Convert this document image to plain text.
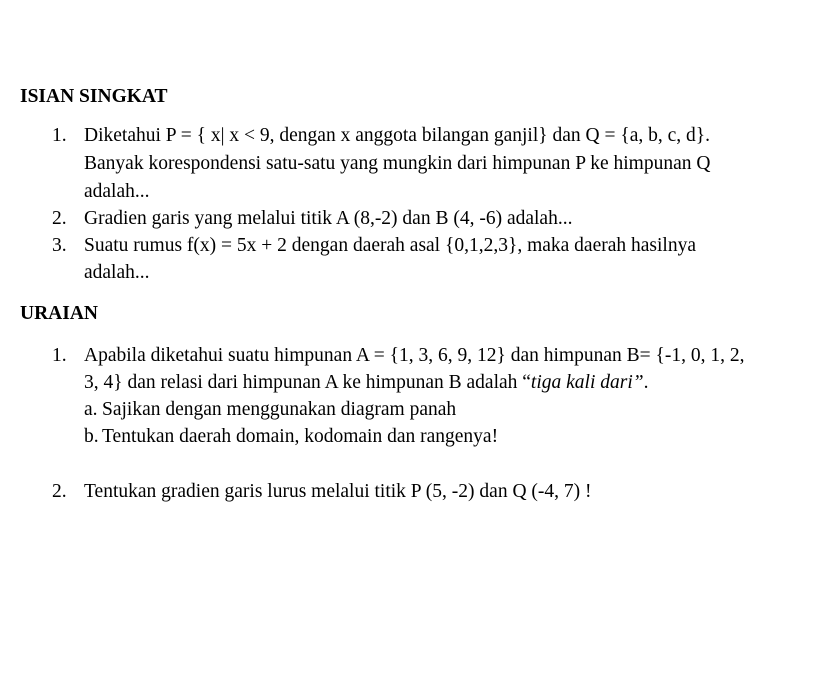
ISIAN SINGKAT
1. Diketahui P = { x| x < 9, dengan x anggota bilangan ganjil} dan Q = {a, b, c, d}.
Banyak korespondensi satu-satu yang mungkin dari himpunan P ke himpunan Q
adalah...
2. Gradien garis yang melalui titik A (8,-2) dan B (4, -6) adalah...
3. Suatu rumus f(x) = 5x + 2 dengan daerah asal {0,1,2,3}, maka daerah hasilnya
adalah...
URAIAN
1. Apabila diketahui suatu himpunan A = {1, 3, 6, 9, 12} dan himpunan B= {-1, 0, 1, 2,
3, 4} dan relasi dari himpunan A ke himpunan B adalah “tiga kali dari”.
a. Sajikan dengan menggunakan diagram panah
b. Tentukan daerah domain, kodomain dan rangenya!
2. Tentukan gradien garis lurus melalui titik P (5, -2) dan Q (-4, 7) !
